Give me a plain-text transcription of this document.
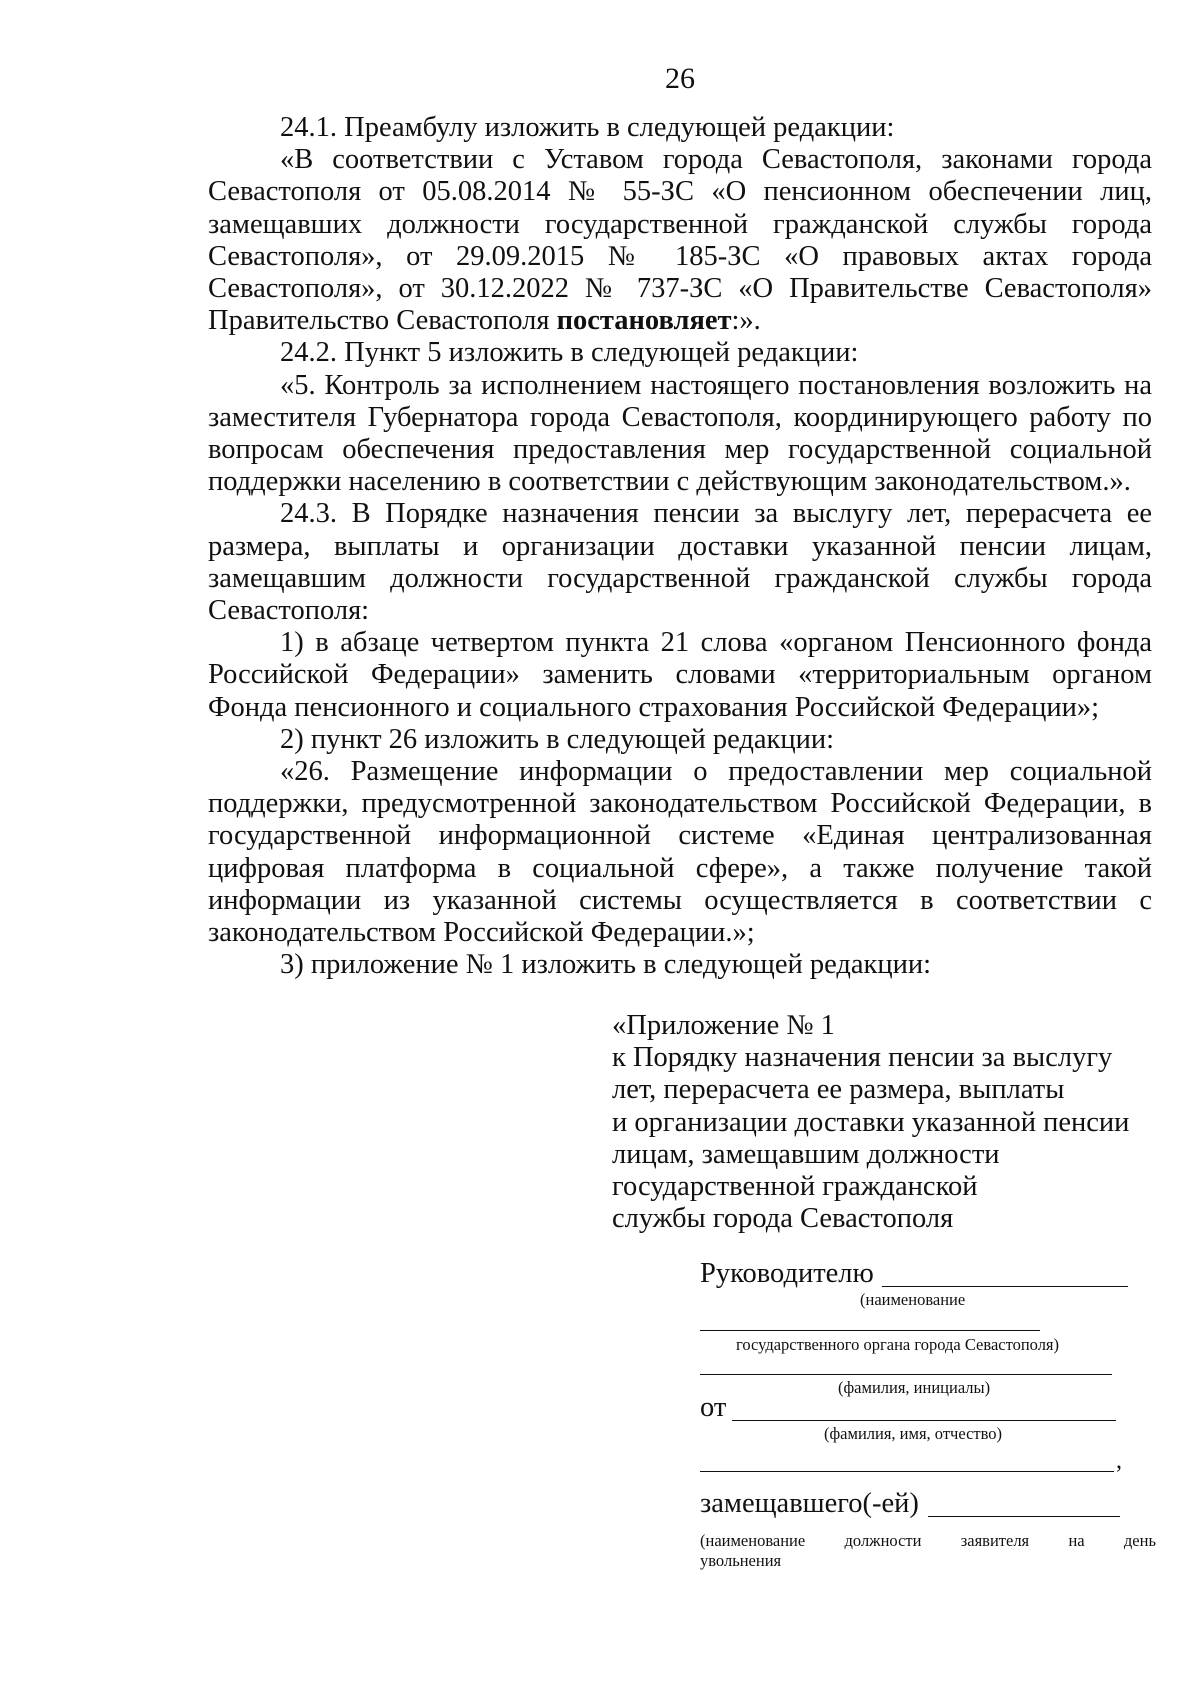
26

24.1. Преамбулу изложить в следующей редакции:

«В соответствии с Уставом города Севастополя, законами города Севастополя от 05.08.2014 № 55-ЗС «О пенсионном обеспечении лиц, замещавших должности государственной гражданской службы города Севастополя», от 29.09.2015 № 185-ЗС «О правовых актах города Севастополя», от 30.12.2022 № 737-ЗС «О Правительстве Севастополя» Правительство Севастополя постановляет:».

24.2. Пункт 5 изложить в следующей редакции:

«5. Контроль за исполнением настоящего постановления возложить на заместителя Губернатора города Севастополя, координирующего работу по вопросам обеспечения предоставления мер государственной социальной поддержки населению в соответствии с действующим законодательством.».

24.3. В Порядке назначения пенсии за выслугу лет, перерасчета ее размера, выплаты и организации доставки указанной пенсии лицам, замещавшим должности государственной гражданской службы города Севастополя:

1) в абзаце четвертом пункта 21 слова «органом Пенсионного фонда Российской Федерации» заменить словами «территориальным органом Фонда пенсионного и социального страхования Российской Федерации»;

2) пункт 26 изложить в следующей редакции:

«26. Размещение информации о предоставлении мер социальной поддержки, предусмотренной законодательством Российской Федерации, в государственной информационной системе «Единая централизованная цифровая платформа в социальной сфере», а также получение такой информации из указанной системы осуществляется в соответствии с законодательством Российской Федерации.»;

3) приложение № 1 изложить в следующей редакции:

«Приложение № 1
к Порядку назначения пенсии за выслугу
лет, перерасчета ее размера, выплаты
и организации доставки указанной пенсии
лицам, замещавшим должности
государственной гражданской
службы города Севастополя
Руководителю
(наименование
государственного органа города Севастополя)
(фамилия, инициалы)
от
(фамилия, имя, отчество)
,
замещавшего(-ей)
(наименование должности заявителя на день
увольнения
